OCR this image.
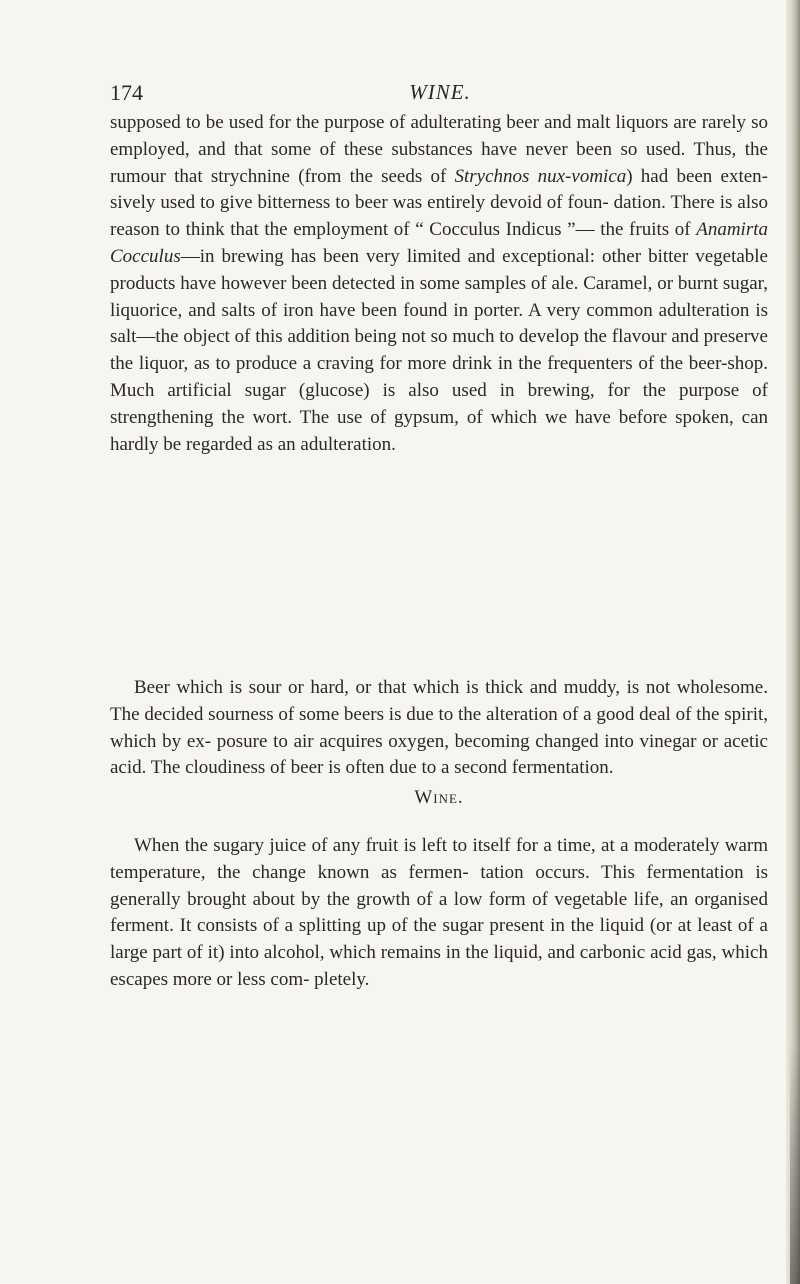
174	WINE.

supposed to be used for the purpose of adulterating beer and malt liquors are rarely so employed, and that some of these substances have never been so used. Thus, the rumour that strychnine (from the seeds of Strychnos nux-vomica) had been exten- sively used to give bitterness to beer was entirely devoid of foun- dation. There is also reason to think that the employment of “ Cocculus Indicus ”— the fruits of Anamirta Cocculus—in brewing has been very limited and exceptional: other bitter vegetable products have however been detected in some samples of ale. Caramel, or burnt sugar, liquorice, and salts of iron have been found in porter. A very common adulteration is salt—the object of this addition being not so much to develop the flavour and preserve the liquor, as to produce a craving for more drink in the frequenters of the beer-shop. Much artificial sugar (glucose) is also used in brewing, for the purpose of strengthening the wort. The use of gypsum, of which we have before spoken, can hardly be regarded as an adulteration.

Beer which is sour or hard, or that which is thick and muddy, is not wholesome. The decided sourness of some beers is due to the alteration of a good deal of the spirit, which by ex- posure to air acquires oxygen, becoming changed into vinegar or acetic acid. The cloudiness of beer is often due to a second fermentation.

Wine.

When the sugary juice of any fruit is left to itself for a time, at a moderately warm temperature, the change known as fermen- tation occurs. This fermentation is generally brought about by the growth of a low form of vegetable life, an organised ferment. It consists of a splitting up of the sugar present in the liquid (or at least of a large part of it) into alcohol, which remains in the liquid, and carbonic acid gas, which escapes more or less com- pletely.
